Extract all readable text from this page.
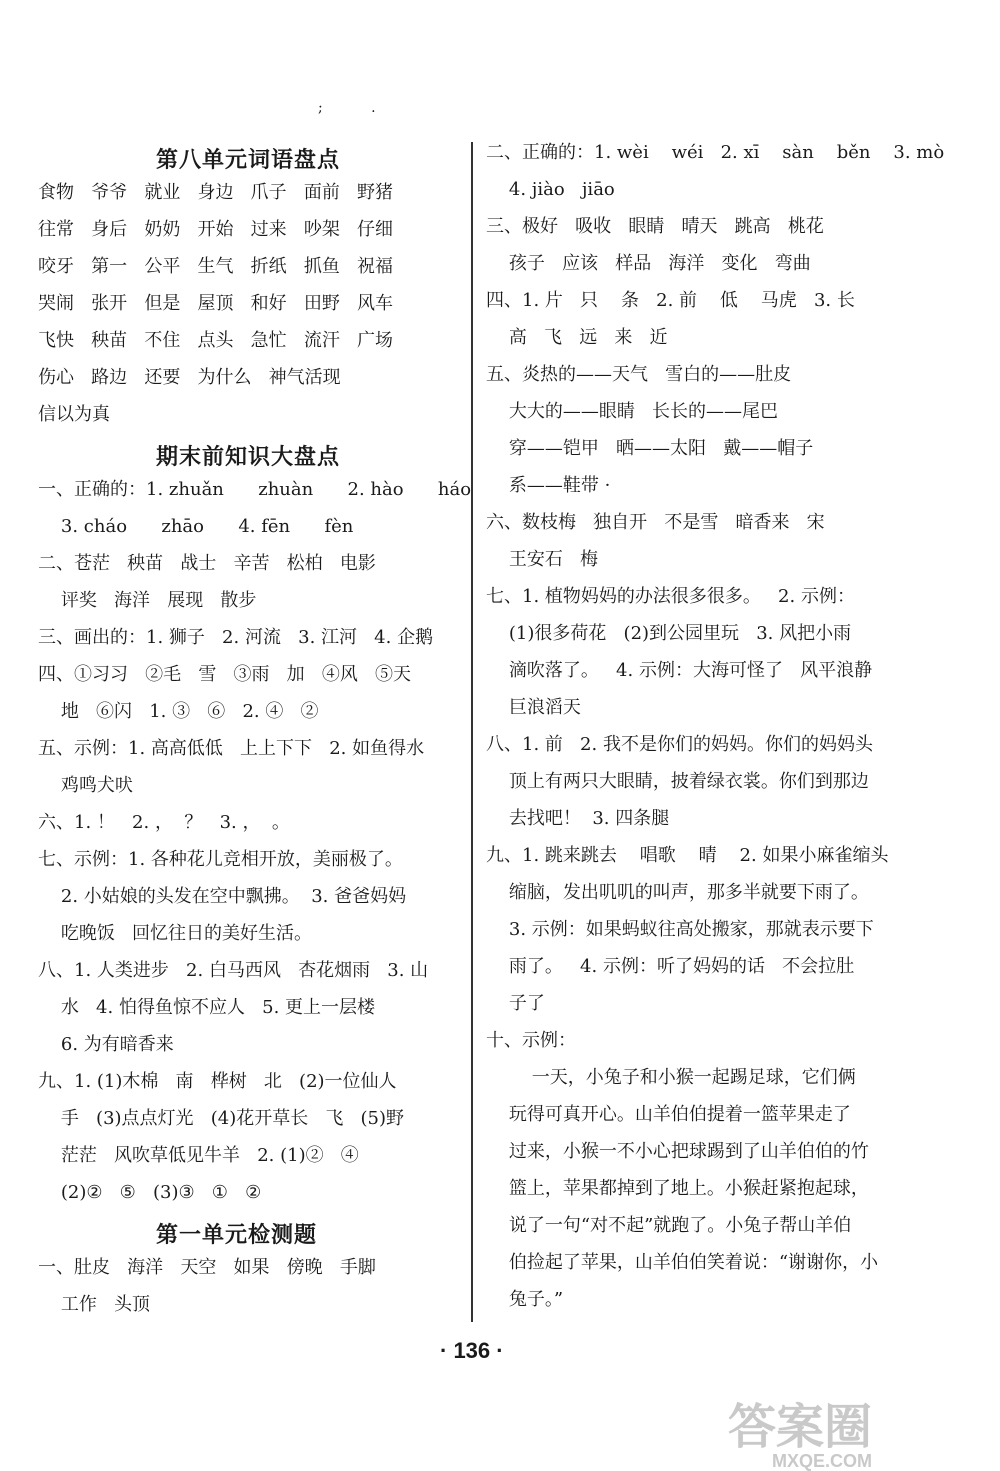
; .
第八单元词语盘点
食物   爷爷   就业   身边   爪子   面前   野猪
往常   身后   奶奶   开始   过来   吵架   仔细
咬牙   第一   公平   生气   折纸   抓鱼   祝福
哭闹   张开   但是   屋顶   和好   田野   风车
飞快   秧苗   不住   点头   急忙   流汗   广场
伤心   路边   还要   为什么   神气活现
信以为真
期末前知识大盘点
一、正确的：1. zhuǎn      zhuàn      2. hào      háo
3. cháo      zhāo      4. fēn      fèn
二、苍茫   秧苗   战士   辛苦   松柏   电影
评奖   海洋   展现   散步
三、画出的：1. 狮子   2. 河流   3. 江河   4. 企鹅
四、①习习   ②毛   雪   ③雨   加   ④风   ⑤天
地   ⑥闪   1. ③   ⑥   2. ④   ②
五、示例：1. 高高低低   上上下下   2. 如鱼得水
鸡鸣犬吠
六、1. ！   2. ，  ？   3. ，  。
七、示例：1. 各种花儿竞相开放，美丽极了。
2. 小姑娘的头发在空中飘拂。  3. 爸爸妈妈
吃晚饭   回忆往日的美好生活。
八、1. 人类进步   2. 白马西风   杏花烟雨   3. 山
水   4. 怕得鱼惊不应人   5. 更上一层楼
6. 为有暗香来
九、1. (1)木棉   南   桦树   北   (2)一位仙人
手   (3)点点灯光   (4)花开草长   飞   (5)野
茫茫   风吹草低见牛羊   2. (1)②   ④
(2)②   ⑤   (3)③   ①   ②
第一单元检测题
一、肚皮   海洋   天空   如果   傍晚   手脚
工作   头顶
二、正确的：1. wèi    wéi   2. xī    sàn    běn    3. mò
4. jiào   jiāo
三、极好   吸收   眼睛   晴天   跳高   桃花
孩子   应该   样品   海洋   变化   弯曲
四、1. 片   只    条   2. 前    低    马虎   3. 长
高   飞   远   来   近
五、炎热的——天气   雪白的——肚皮
大大的——眼睛   长长的——尾巴
穿——铠甲   晒——太阳   戴——帽子
系——鞋带 ·
六、数枝梅   独自开   不是雪   暗香来   宋
王安石   梅
七、1. 植物妈妈的办法很多很多。   2. 示例：
(1)很多荷花   (2)到公园里玩   3. 风把小雨
滴吹落了。   4. 示例：大海可怪了   风平浪静
巨浪滔天
八、1. 前   2. 我不是你们的妈妈。你们的妈妈头
顶上有两只大眼睛，披着绿衣裳。你们到那边
去找吧！  3. 四条腿
九、1. 跳来跳去    唱歌    晴    2. 如果小麻雀缩头
缩脑，发出叽叽的叫声，那多半就要下雨了。
3. 示例：如果蚂蚁往高处搬家，那就表示要下
雨了。   4. 示例：听了妈妈的话   不会拉肚
子了
十、示例：
一天，小兔子和小猴一起踢足球，它们俩
玩得可真开心。山羊伯伯提着一篮苹果走了
过来，小猴一不小心把球踢到了山羊伯伯的竹
篮上，苹果都掉到了地上。小猴赶紧抱起球，
说了一句“对不起”就跑了。小兔子帮山羊伯
伯捡起了苹果，山羊伯伯笑着说：“谢谢你，小
兔子。”
· 136 ·
答案圈
MXQE.COM
